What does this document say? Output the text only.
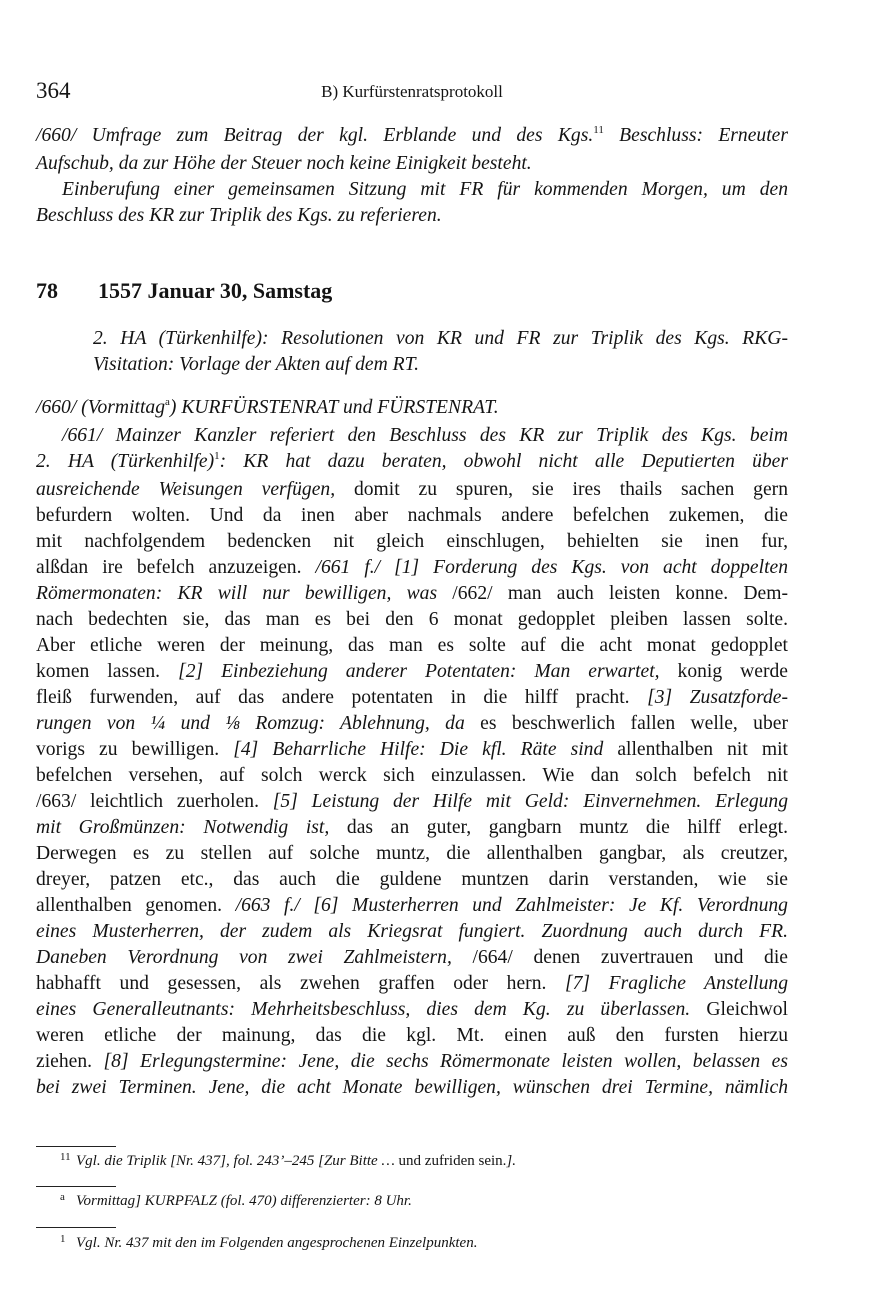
364	B) Kurfürstenratsprotokoll

/660/ Umfrage zum Beitrag der kgl. Erblande und des Kgs.$^{11}$ Beschluss: Erneuter

Aufschub, da zur Höhe der Steuer noch keine Einigkeit besteht.

Einberufung einer gemeinsamen Sitzung mit FR für kommenden Morgen, um den

Beschluss des KR zur Triplik des Kgs. zu referieren.

78 1557 Januar 30, Samstag

2. HA (Türkenhilfe): Resolutionen von KR und FR zur Triplik des Kgs. RKG-

Visitation: Vorlage der Akten auf dem RT.

/660/ (Vormittag$^a$) KURFÜRSTENRAT und FÜRSTENRAT.

/661/ Mainzer Kanzler referiert den Beschluss des KR zur Triplik des Kgs. beim

2. HA (Türkenhilfe)$^1$: KR hat dazu beraten, obwohl nicht alle Deputierten über

ausreichende Weisungen verfügen, domit zu spuren, sie ires thails sachen gern

befurdern wolten. Und da inen aber nachmals andere befelchen zukemen, die

mit nachfolgendem bedencken nit gleich einschlugen, behielten sie inen fur,

alßdan ire befelch anzuzeigen. /661 f./ [1] Forderung des Kgs. von acht doppelten

Römermonaten: KR will nur bewilligen, was /662/ man auch leisten konne. Dem-

nach bedechten sie, das man es bei den 6 monat gedopplet pleiben lassen solte.

Aber etliche weren der meinung, das man es solte auf die acht monat gedopplet

komen lassen. [2] Einbeziehung anderer Potentaten: Man erwartet, konig werde

fleiß furwenden, auf das andere potentaten in die hilff pracht. [3] Zusatzforde-

rungen von ¼ und ⅛ Romzug: Ablehnung, da es beschwerlich fallen welle, uber

vorigs zu bewilligen. [4] Beharrliche Hilfe: Die kfl. Räte sind allenthalben nit mit

befelchen versehen, auf solch werck sich einzulassen. Wie dan solch befelch nit

/663/ leichtlich zuerholen. [5] Leistung der Hilfe mit Geld: Einvernehmen. Erlegung

mit Großmünzen: Notwendig ist, das an guter, gangbarn muntz die hilff erlegt.

Derwegen es zu stellen auf solche muntz, die allenthalben gangbar, als creutzer,

dreyer, patzen etc., das auch die guldene muntzen darin verstanden, wie sie

allenthalben genomen. /663 f./ [6] Musterherren und Zahlmeister: Je Kf. Verordnung

eines Musterherren, der zudem als Kriegsrat fungiert. Zuordnung auch durch FR.

Daneben Verordnung von zwei Zahlmeistern, /664/ denen zuvertrauen und die

habhafft und gesessen, als zwehen graffen oder hern. [7] Fragliche Anstellung

eines Generalleutnants: Mehrheitsbeschluss, dies dem Kg. zu überlassen. Gleichwol

weren etliche der mainung, das die kgl. Mt. einen auß den fursten hierzu

ziehen. [8] Erlegungstermine: Jene, die sechs Römermonate leisten wollen, belassen es

bei zwei Terminen. Jene, die acht Monate bewilligen, wünschen drei Termine, nämlich

11 Vgl. die Triplik [Nr. 437], fol. 243’–245 [Zur Bitte … und zufriden sein.].
a Vormittag] KURPFALZ (fol. 470) differenzierter: 8 Uhr.
1 Vgl. Nr. 437 mit den im Folgenden angesprochenen Einzelpunkten.
